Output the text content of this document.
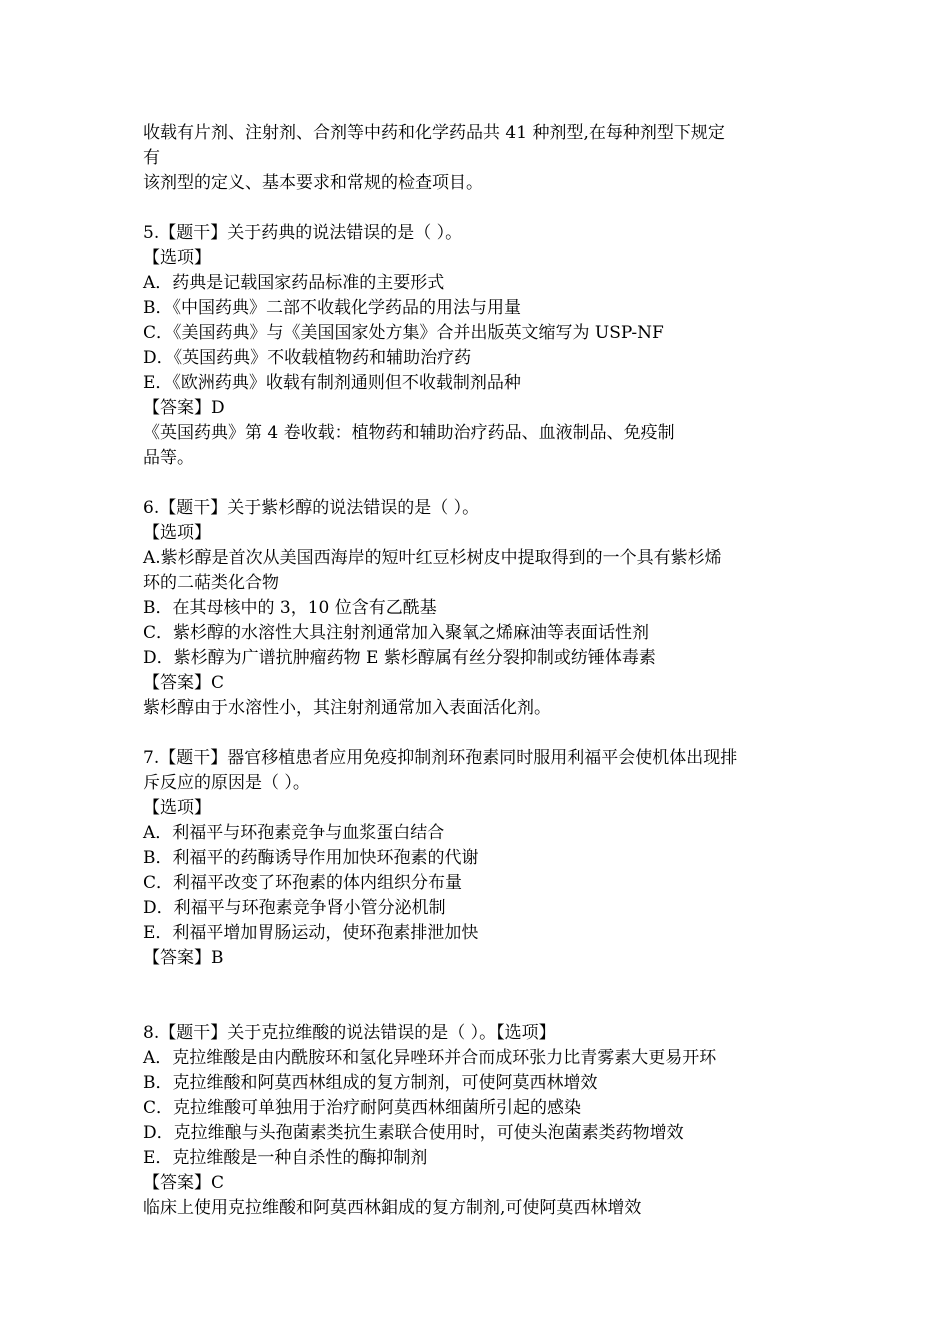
收载有片剂、注射剂、合剂等中药和化学药品共 41 种剂型,在每种剂型下规定
有
该剂型的定义、基本要求和常规的检查项目。
5.【题干】关于药典的说法错误的是（ ）。
【选项】
A．药典是记载国家药品标准的主要形式
B．《中国药典》二部不收载化学药品的用法与用量
C．《美国药典》与《美国国家处方集》合并出版英文缩写为 USP-NF
D．《英国药典》不收载植物药和辅助治疗药
E．《欧洲药典》收载有制剂通则但不收载制剂品种
【答案】D
《英国药典》第 4 卷收载：植物药和辅助治疗药品、血液制品、免疫制
品等。
6.【题干】关于紫杉醇的说法错误的是（ ）。
【选项】
A.紫杉醇是首次从美国西海岸的短叶红豆杉树皮中提取得到的一个具有紫杉烯
环的二萜类化合物
B．在其母核中的 3，10 位含有乙酰基
C．紫杉醇的水溶性大具注射剂通常加入聚氧之烯麻油等表面话性剂
D．紫杉醇为广谱抗肿瘤药物 E 紫杉醇属有丝分裂抑制或纺锤体毒素
【答案】C
紫杉醇由于水溶性小，其注射剂通常加入表面活化剂。
7.【题干】器官移植患者应用免疫抑制剂环孢素同时服用利福平会使机体出现排
斥反应的原因是（ ）。
【选项】
A．利福平与环孢素竞争与血浆蛋白结合
B．利福平的药酶诱导作用加快环孢素的代谢
C．利福平改变了环孢素的体内组织分布量
D．利福平与环孢素竞争肾小管分泌机制
E．利福平增加胃肠运动，使环孢素排泄加快
【答案】B
8.【题干】关于克拉维酸的说法错误的是（ ）。【选项】
A．克拉维酸是由内酰胺环和氢化异唑环并合而成环张力比青雾素大更易开环
B．克拉维酸和阿莫西林组成的复方制剂，可使阿莫西林增效
C．克拉维酸可单独用于治疗耐阿莫西林细菌所引起的感染
D．克拉维酿与头孢菌素类抗生素联合使用时，可使头泡菌素类药物增效
E．克拉维酸是一种自杀性的酶抑制剂
【答案】C
临床上使用克拉维酸和阿莫西林鉬成的复方制剂,可使阿莫西林增效
